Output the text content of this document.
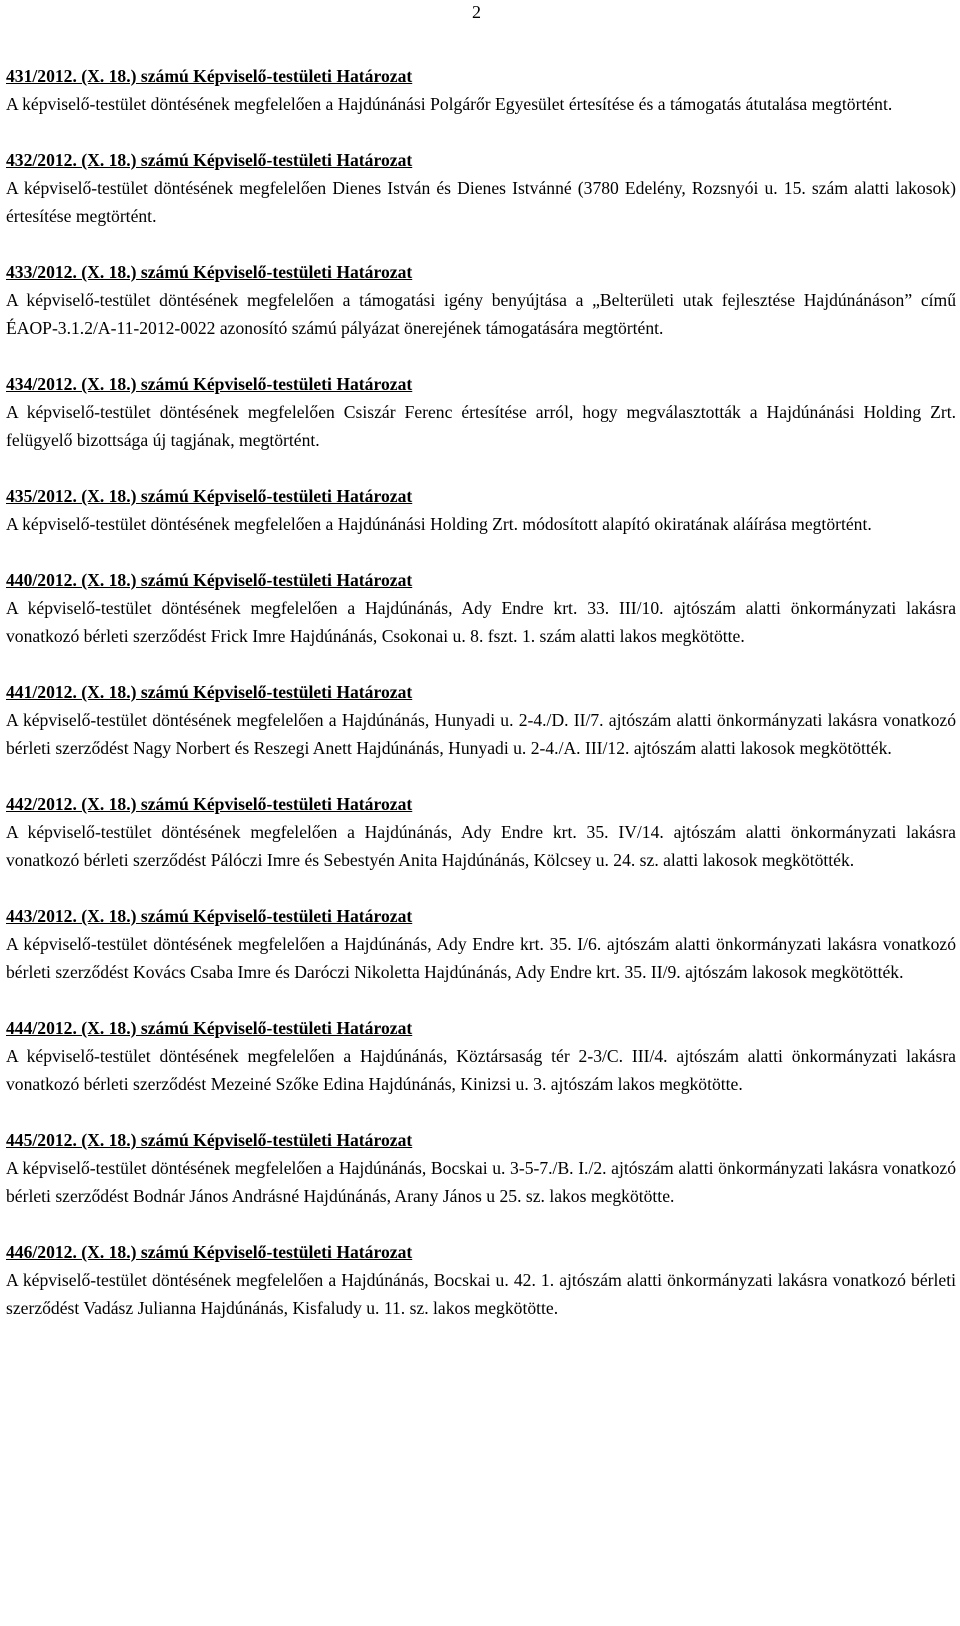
2
431/2012. (X. 18.) számú Képviselő-testületi Határozat
A képviselő-testület döntésének megfelelően a Hajdúnánási Polgárőr Egyesület értesítése és a támogatás átutalása megtörtént.
432/2012. (X. 18.) számú Képviselő-testületi Határozat
A képviselő-testület döntésének megfelelően Dienes István és Dienes Istvánné (3780 Edelény, Rozsnyói u. 15. szám alatti lakosok) értesítése megtörtént.
433/2012. (X. 18.) számú Képviselő-testületi Határozat
A képviselő-testület döntésének megfelelően a támogatási igény benyújtása a „Belterületi utak fejlesztése Hajdúnánáson” című ÉAOP-3.1.2/A-11-2012-0022 azonosító számú pályázat önerejének támogatására megtörtént.
434/2012. (X. 18.) számú Képviselő-testületi Határozat
A képviselő-testület döntésének megfelelően Csiszár Ferenc értesítése arról, hogy megválasztották a Hajdúnánási Holding Zrt. felügyelő bizottsága új tagjának, megtörtént.
435/2012. (X. 18.) számú Képviselő-testületi Határozat
A képviselő-testület döntésének megfelelően a Hajdúnánási Holding Zrt. módosított alapító okiratának aláírása megtörtént.
440/2012. (X. 18.) számú Képviselő-testületi Határozat
A képviselő-testület döntésének megfelelően a Hajdúnánás, Ady Endre krt. 33. III/10. ajtószám alatti önkormányzati lakásra vonatkozó bérleti szerződést Frick Imre Hajdúnánás, Csokonai u. 8. fszt. 1. szám alatti lakos megkötötte.
441/2012. (X. 18.) számú Képviselő-testületi Határozat
A képviselő-testület döntésének megfelelően a Hajdúnánás, Hunyadi u. 2-4./D. II/7. ajtószám alatti önkormányzati lakásra vonatkozó bérleti szerződést Nagy Norbert és Reszegi Anett Hajdúnánás, Hunyadi u. 2-4./A. III/12. ajtószám alatti lakosok megkötötték.
442/2012. (X. 18.) számú Képviselő-testületi Határozat
A képviselő-testület döntésének megfelelően a Hajdúnánás, Ady Endre krt. 35. IV/14. ajtószám alatti önkormányzati lakásra vonatkozó bérleti szerződést Pálóczi Imre és Sebestyén Anita Hajdúnánás, Kölcsey u. 24. sz. alatti lakosok megkötötték.
443/2012. (X. 18.) számú Képviselő-testületi Határozat
A képviselő-testület döntésének megfelelően a Hajdúnánás, Ady Endre krt. 35. I/6. ajtószám alatti önkormányzati lakásra vonatkozó bérleti szerződést Kovács Csaba Imre és Daróczi Nikoletta Hajdúnánás, Ady Endre krt. 35. II/9. ajtószám lakosok megkötötték.
444/2012. (X. 18.) számú Képviselő-testületi Határozat
A képviselő-testület döntésének megfelelően a Hajdúnánás, Köztársaság tér 2-3/C. III/4. ajtószám alatti önkormányzati lakásra vonatkozó bérleti szerződést Mezeiné Szőke Edina Hajdúnánás, Kinizsi u. 3. ajtószám lakos megkötötte.
445/2012. (X. 18.) számú Képviselő-testületi Határozat
A képviselő-testület döntésének megfelelően a Hajdúnánás, Bocskai u. 3-5-7./B. I./2. ajtószám alatti önkormányzati lakásra vonatkozó bérleti szerződést Bodnár János Andrásné Hajdúnánás, Arany János u 25. sz. lakos megkötötte.
446/2012. (X. 18.) számú Képviselő-testületi Határozat
A képviselő-testület döntésének megfelelően a Hajdúnánás, Bocskai u. 42. 1. ajtószám alatti önkormányzati lakásra vonatkozó bérleti szerződést Vadász Julianna Hajdúnánás, Kisfaludy u. 11. sz. lakos megkötötte.
